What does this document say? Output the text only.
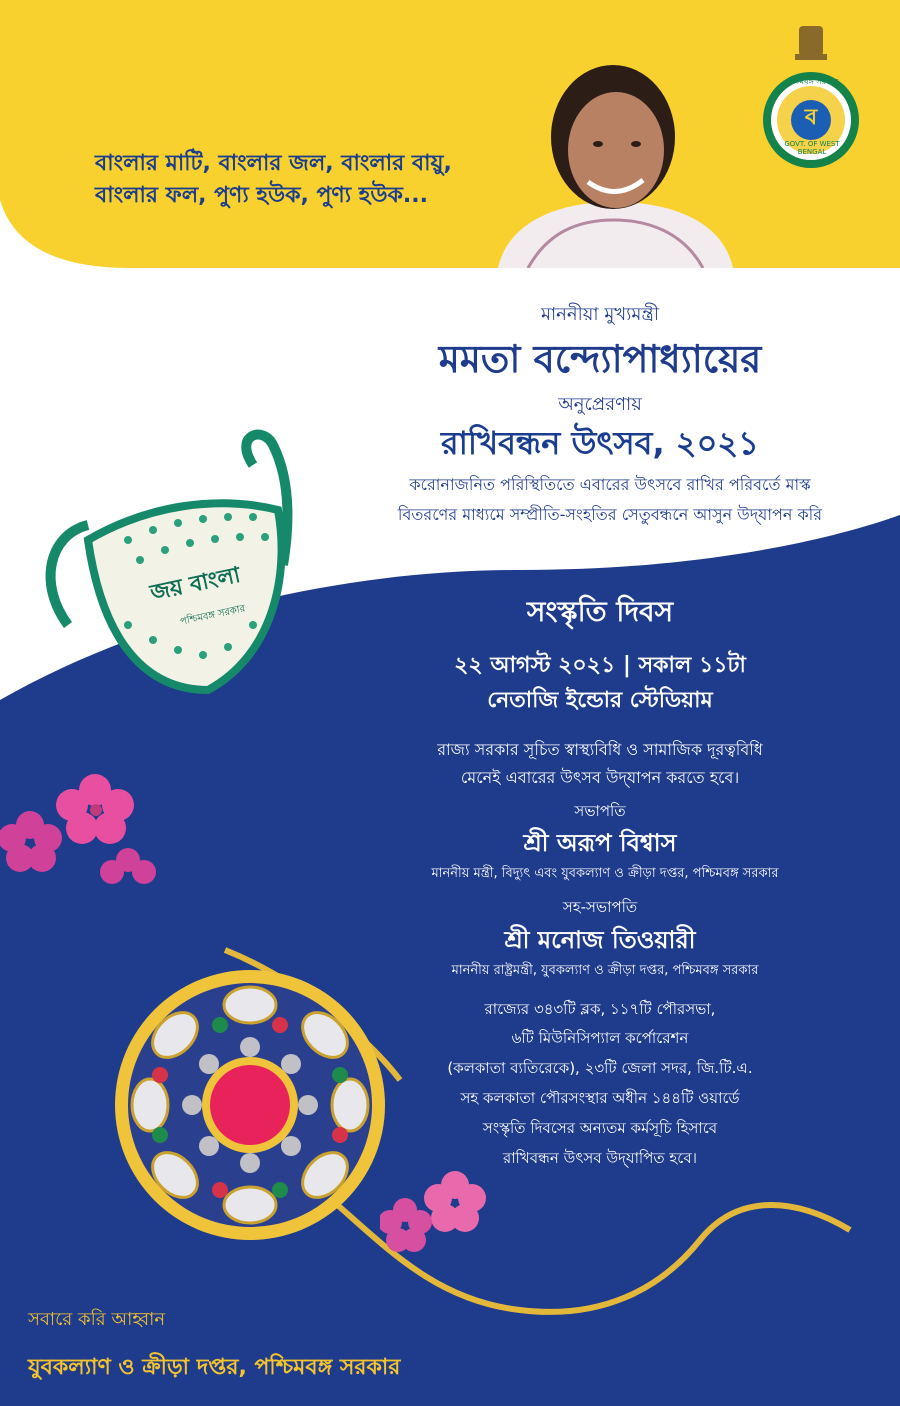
ব
পশ্চিমবঙ্গ সরকার
GOVT. OF WEST BENGAL
বাংলার মাটি, বাংলার জল, বাংলার বায়ু,
বাংলার ফল, পুণ্য হউক, পুণ্য হউক...
মাননীয়া মুখ্যমন্ত্রী
মমতা বন্দ্যোপাধ্যায়ের
অনুপ্রেরণায়
রাখিবন্ধন উৎসব, ২০২১
করোনাজনিত পরিস্থিতিতে এবারের উৎসবে রাখির পরিবর্তে মাস্ক
বিতরণের মাধ্যমে সম্প্রীতি-সংহতির সেতুবন্ধনে আসুন উদ্‌যাপন করি
জয় বাংলা
পশ্চিমবঙ্গ সরকার	সংস্কৃতি দিবস
২২ আগস্ট ২০২১ | সকাল ১১টা
নেতাজি ইন্ডোর স্টেডিয়াম
রাজ্য সরকার সূচিত স্বাস্থ্যবিধি ও সামাজিক দূরত্ববিধি
মেনেই এবারের উৎসব উদ্‌যাপন করতে হবে।
সভাপতি
শ্রী অরূপ বিশ্বাস
মাননীয় মন্ত্রী, বিদ্যুৎ এবং যুবকল্যাণ ও ক্রীড়া দপ্তর, পশ্চিমবঙ্গ সরকার
সহ-সভাপতি
শ্রী মনোজ তিওয়ারী
মাননীয় রাষ্ট্রমন্ত্রী, যুবকল্যাণ ও ক্রীড়া দপ্তর, পশ্চিমবঙ্গ সরকার
রাজ্যের ৩৪৩টি ব্লক, ১১৭টি পৌরসভা,
৬টি মিউনিসিপ্যাল কর্পোরেশন
(কলকাতা ব্যতিরেকে), ২৩টি জেলা সদর, জি.টি.এ.
সহ কলকাতা পৌরসংস্থার অধীন ১৪৪টি ওয়ার্ডে
সংস্কৃতি দিবসের অন্যতম কর্মসূচি হিসাবে
রাখিবন্ধন উৎসব উদ্‌যাপিত হবে।
সবারে করি আহ্বান
যুবকল্যাণ ও ক্রীড়া দপ্তর, পশ্চিমবঙ্গ সরকার
